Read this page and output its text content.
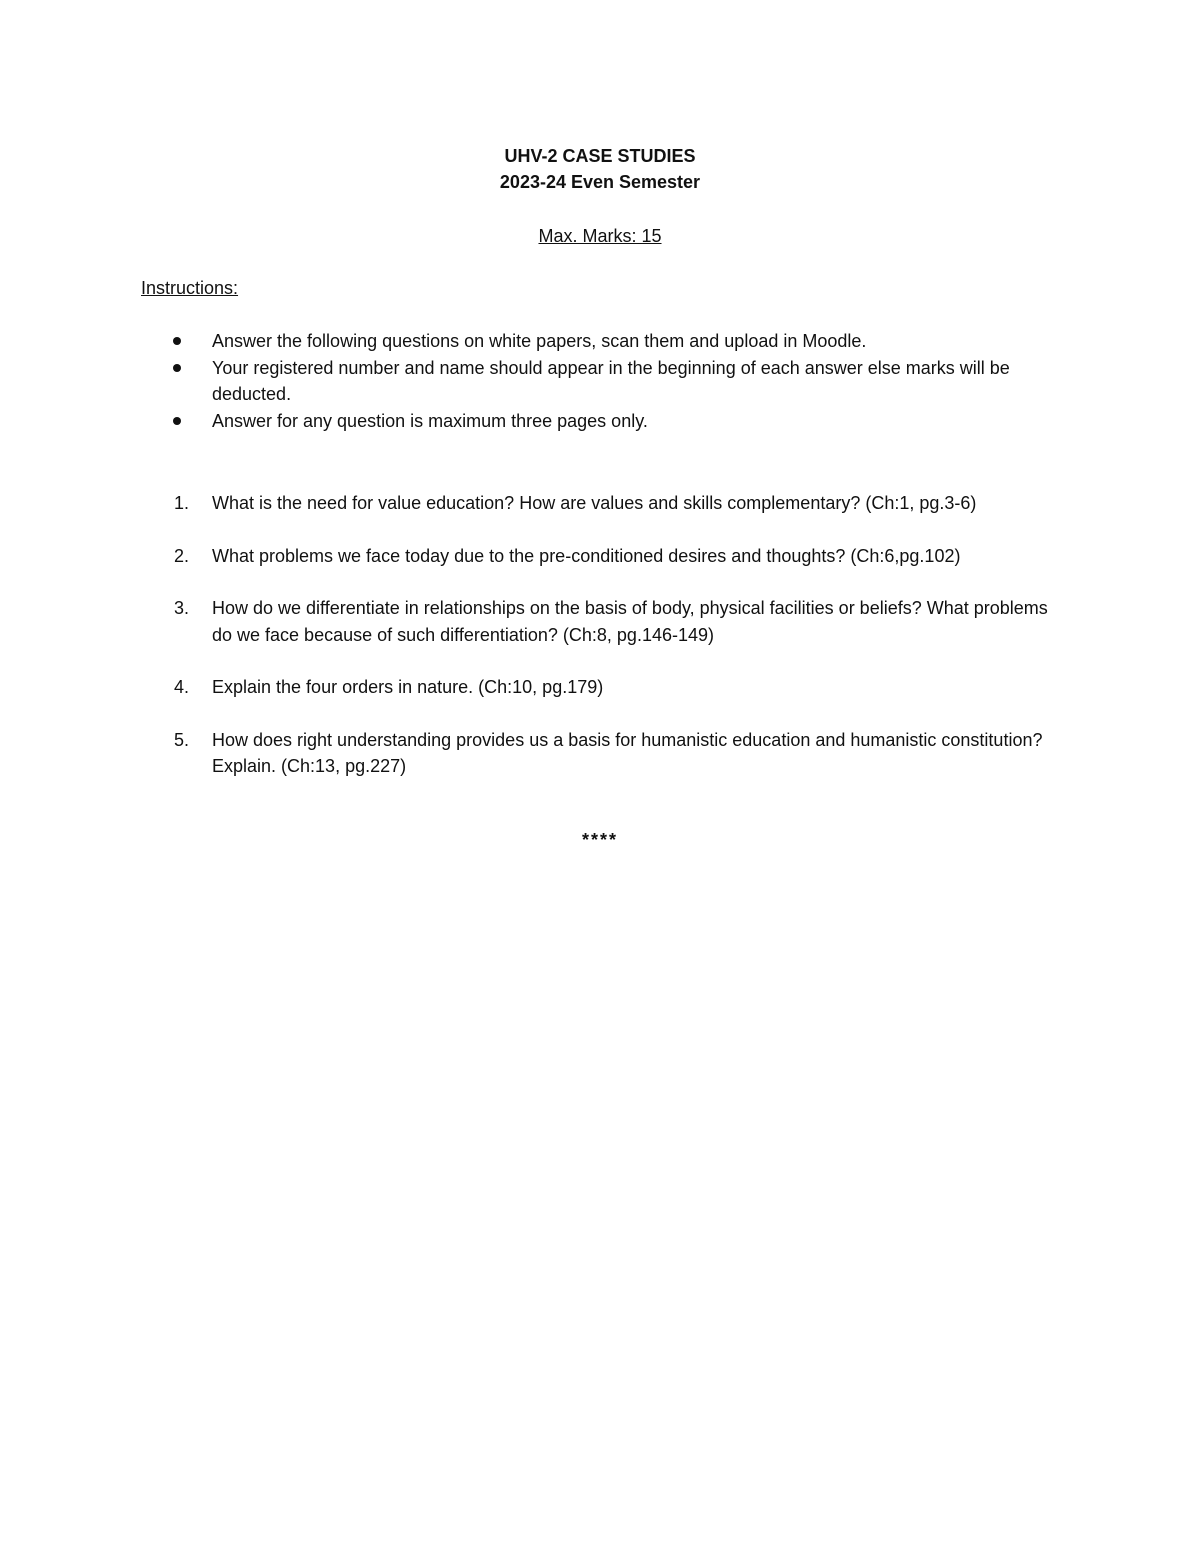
UHV-2 CASE STUDIES
2023-24 Even Semester
Max. Marks: 15
Instructions:
Answer the following questions on white papers, scan them and upload in Moodle.
Your registered number and name should appear in the beginning of each answer else marks will be deducted.
Answer for any question is maximum three pages only.
1. What is the need for value education? How are values and skills complementary? (Ch:1, pg.3-6)
2. What problems we face today due to the pre-conditioned desires and thoughts? (Ch:6,pg.102)
3. How do we differentiate in relationships on the basis of body, physical facilities or beliefs? What problems do we face because of such differentiation? (Ch:8, pg.146-149)
4. Explain the four orders in nature. (Ch:10, pg.179)
5. How does right understanding provides us a basis for humanistic education and humanistic constitution? Explain. (Ch:13, pg.227)
****
